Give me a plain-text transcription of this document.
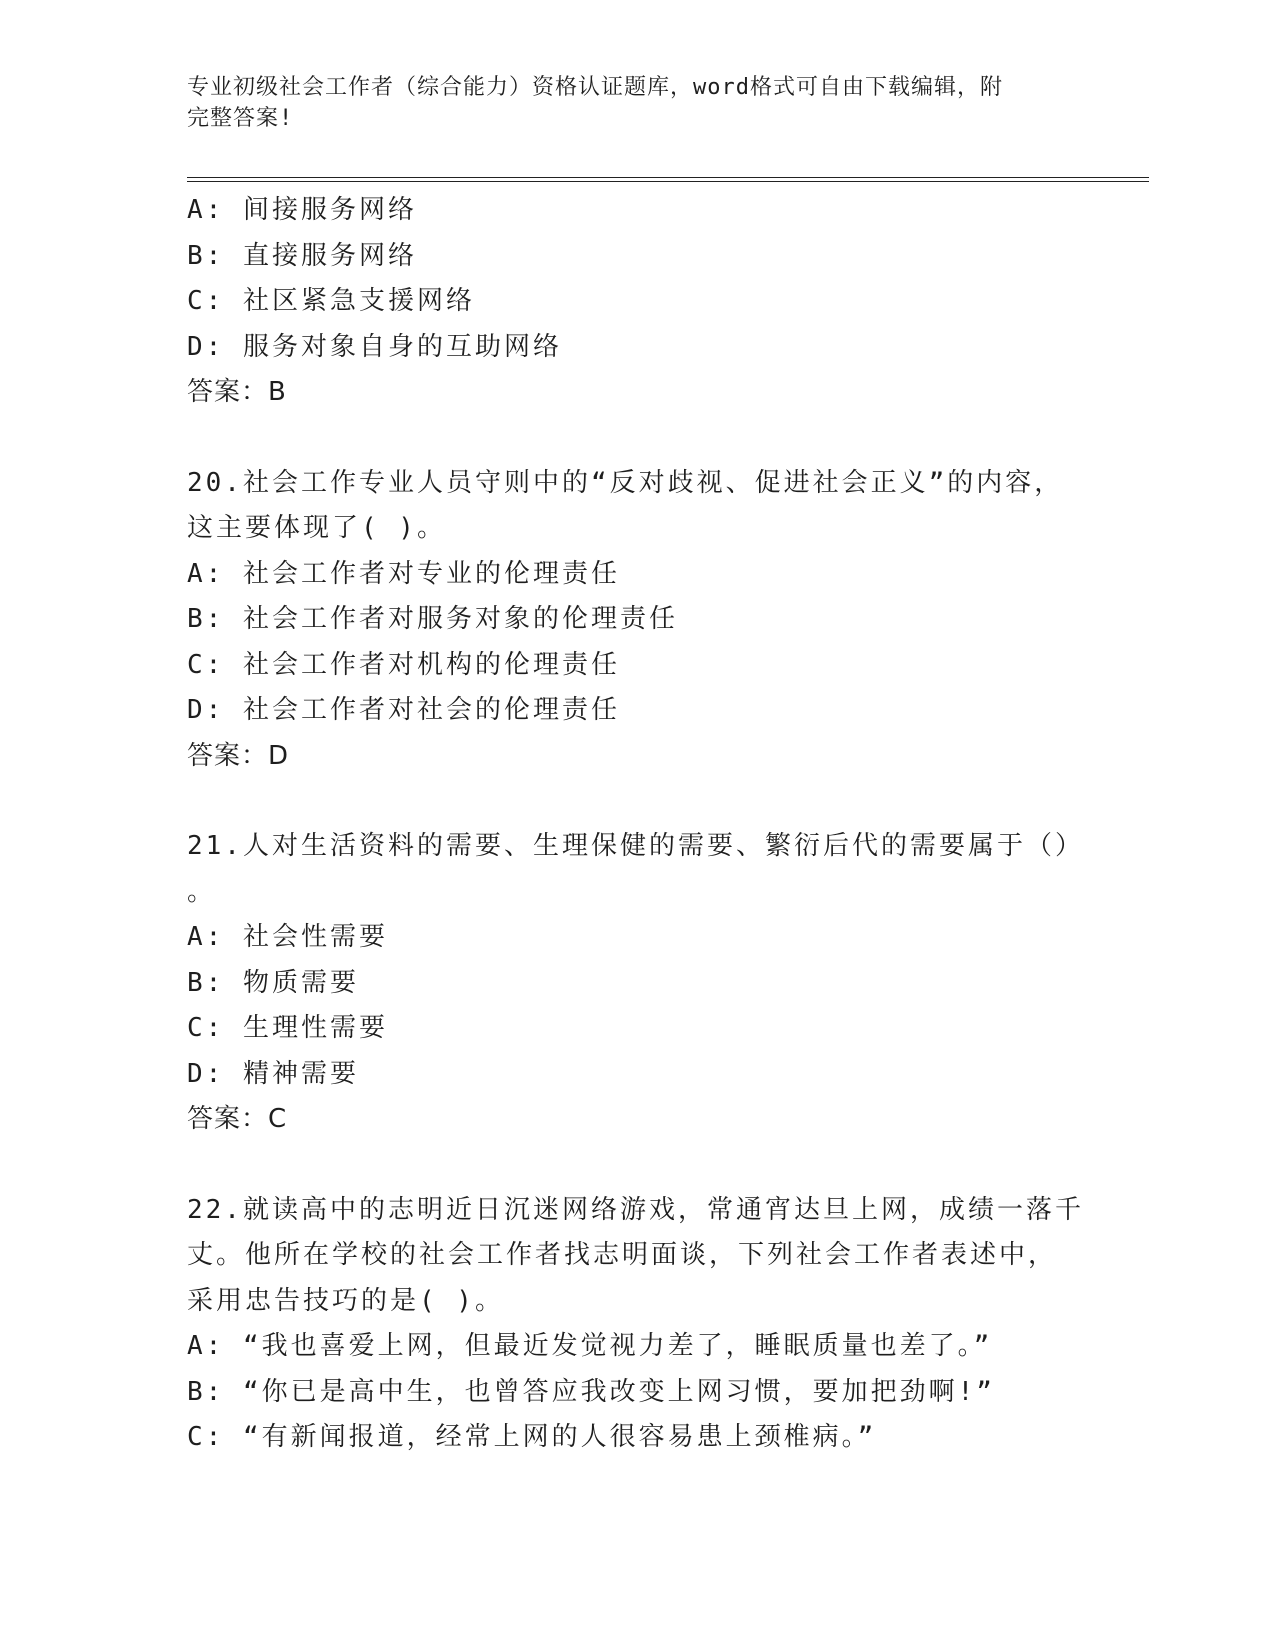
专业初级社会工作者（综合能力）资格认证题库，word格式可自由下载编辑，附
完整答案!
A: 间接服务网络
B: 直接服务网络
C: 社区紧急支援网络
D: 服务对象自身的互助网络
答案：B
20.社会工作专业人员守则中的“反对歧视、促进社会正义”的内容，
这主要体现了( )。
A: 社会工作者对专业的伦理责任
B: 社会工作者对服务对象的伦理责任
C: 社会工作者对机构的伦理责任
D: 社会工作者对社会的伦理责任
答案：D
21.人对生活资料的需要、生理保健的需要、繁衍后代的需要属于（）
。
A: 社会性需要
B: 物质需要
C: 生理性需要
D: 精神需要
答案：C
22.就读高中的志明近日沉迷网络游戏，常通宵达旦上网，成绩一落千
丈。他所在学校的社会工作者找志明面谈，下列社会工作者表述中，
采用忠告技巧的是( )。
A: “我也喜爱上网，但最近发觉视力差了，睡眠质量也差了。”
B: “你已是高中生，也曾答应我改变上网习惯，要加把劲啊!”
C: “有新闻报道，经常上网的人很容易患上颈椎病。”
